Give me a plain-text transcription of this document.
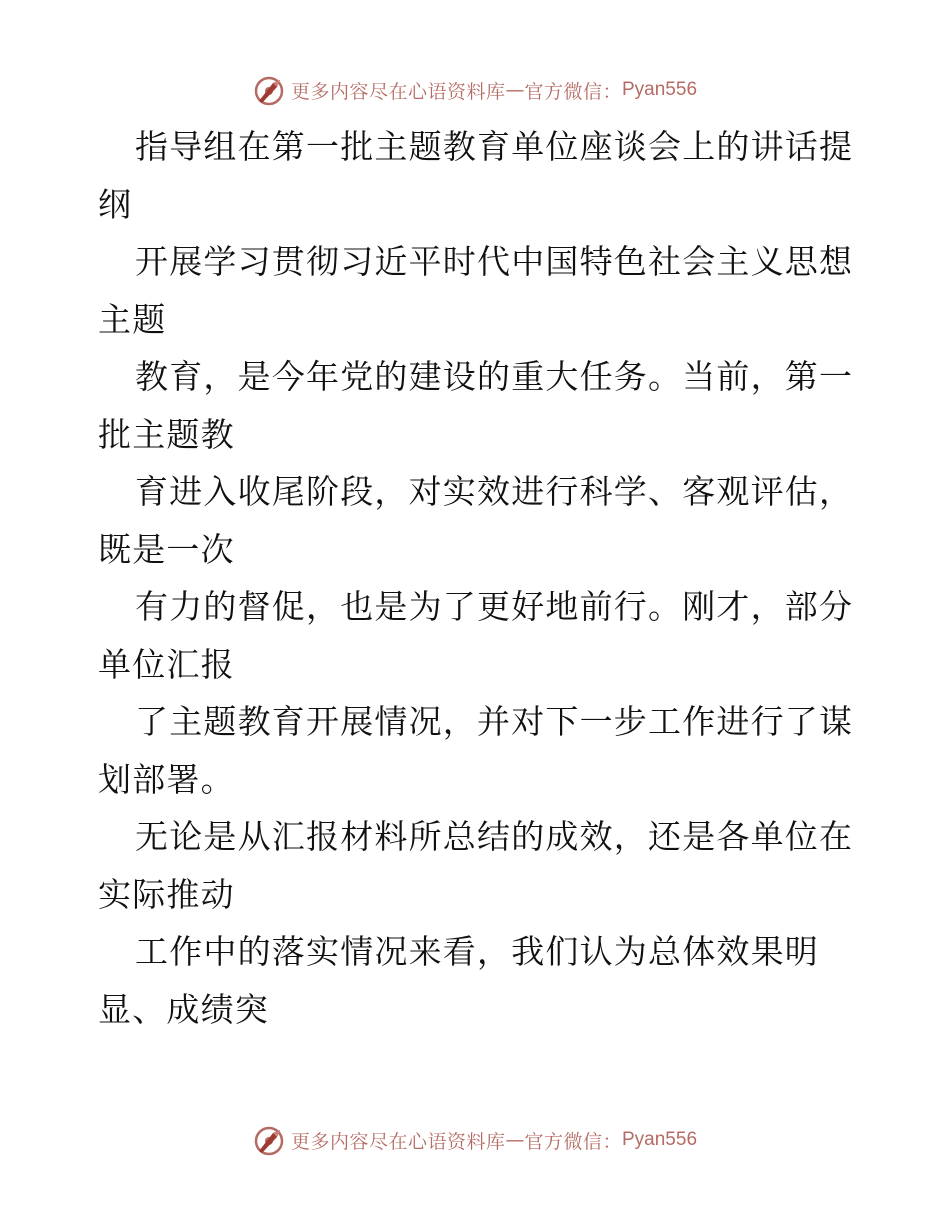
更多内容尽在心语资料库 — 官方微信： Pyan556

指导组在第一批主题教育单位座谈会上的讲话提纲

开展学习贯彻习近平时代中国特色社会主义思想主题

教育，是今年党的建设的重大任务。当前，第一批主题教

育进入收尾阶段，对实效进行科学、客观评估，既是一次

有力的督促，也是为了更好地前行。刚才，部分单位汇报

了主题教育开展情况，并对下一步工作进行了谋划部署。

无论是从汇报材料所总结的成效，还是各单位在实际推动

工作中的落实情况来看，我们认为总体效果明显、成绩突

更多内容尽在心语资料库 — 官方微信： Pyan556
